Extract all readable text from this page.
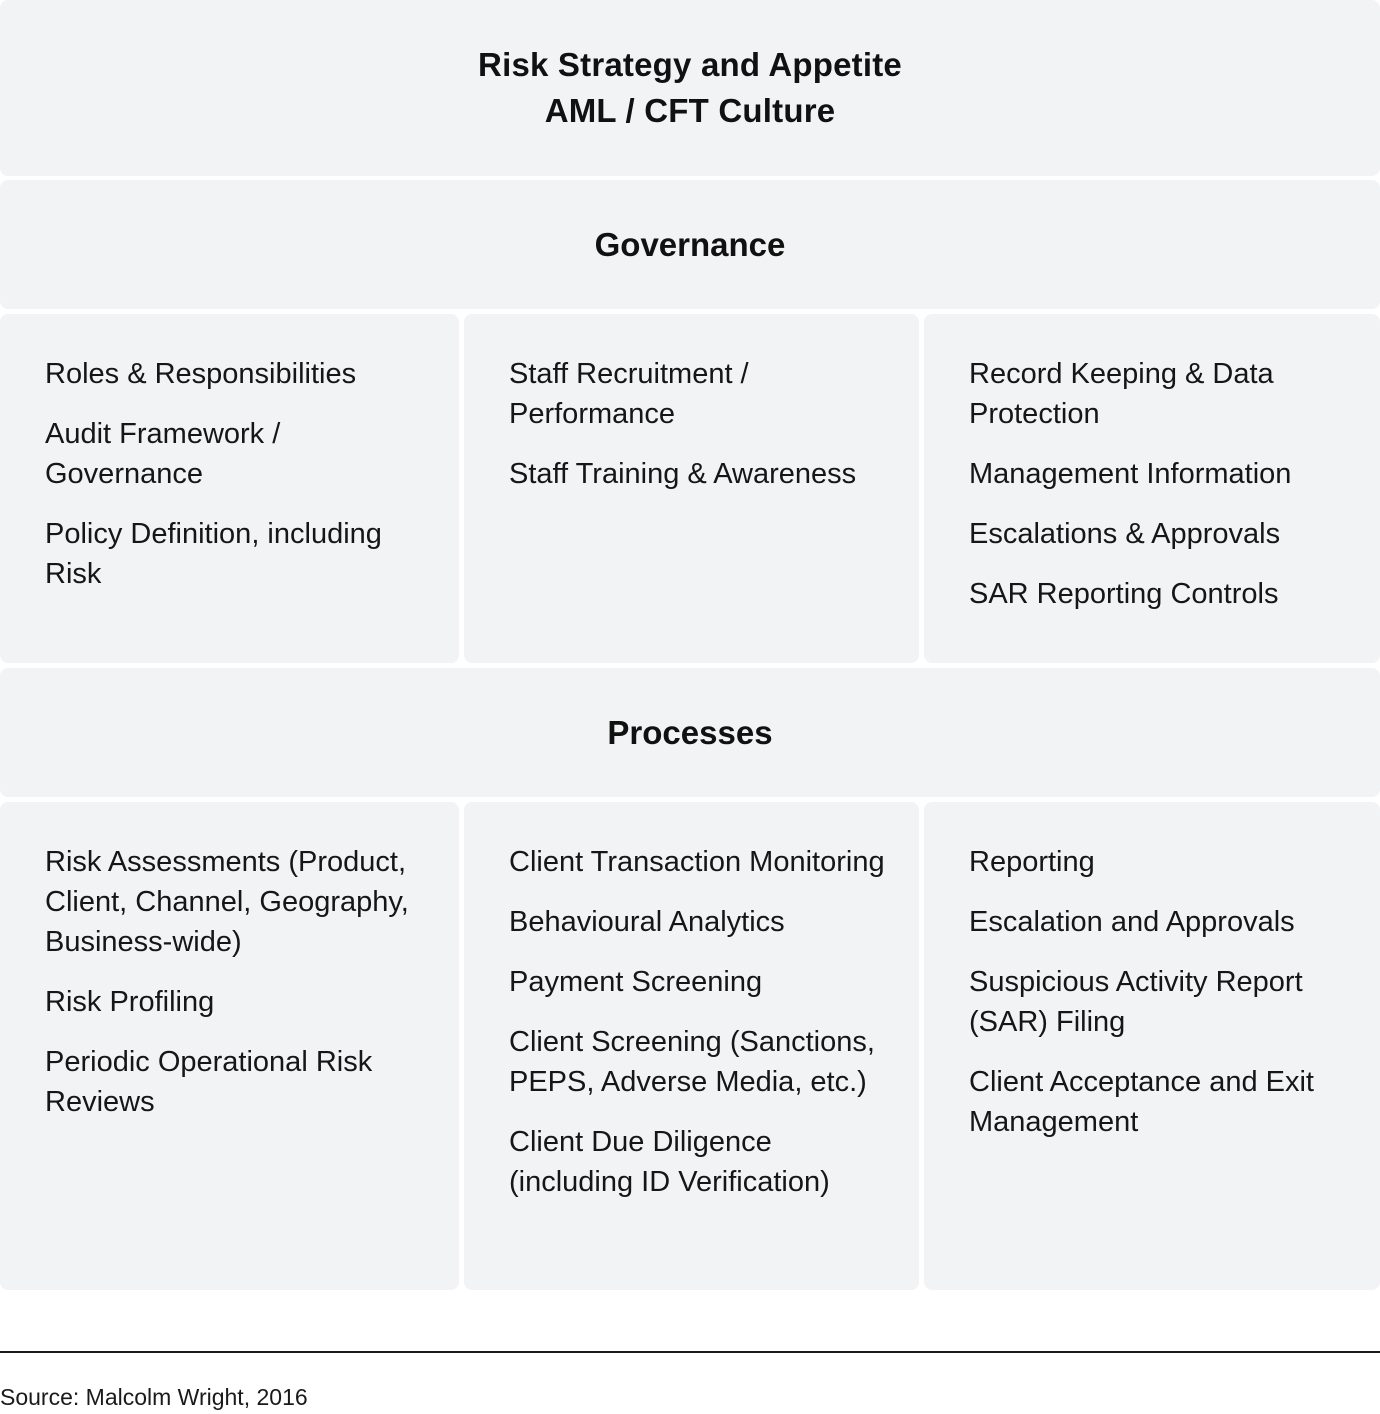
Risk Strategy and Appetite
AML / CFT Culture
Governance
Roles & Responsibilities
Audit Framework / Governance
Policy Definition, including Risk
Staff Recruitment / Performance
Staff Training & Awareness
Record Keeping & Data Protection
Management Information
Escalations & Approvals
SAR Reporting Controls
Processes
Risk Assessments (Product, Client, Channel, Geography, Business-wide)
Risk Profiling
Periodic Operational Risk Reviews
Client Transaction Monitoring
Behavioural Analytics
Payment Screening
Client Screening (Sanctions, PEPS, Adverse Media, etc.)
Client Due Diligence (including ID Verification)
Reporting
Escalation and Approvals
Suspicious Activity Report (SAR) Filing
Client Acceptance and Exit Management
Source: Malcolm Wright, 2016
